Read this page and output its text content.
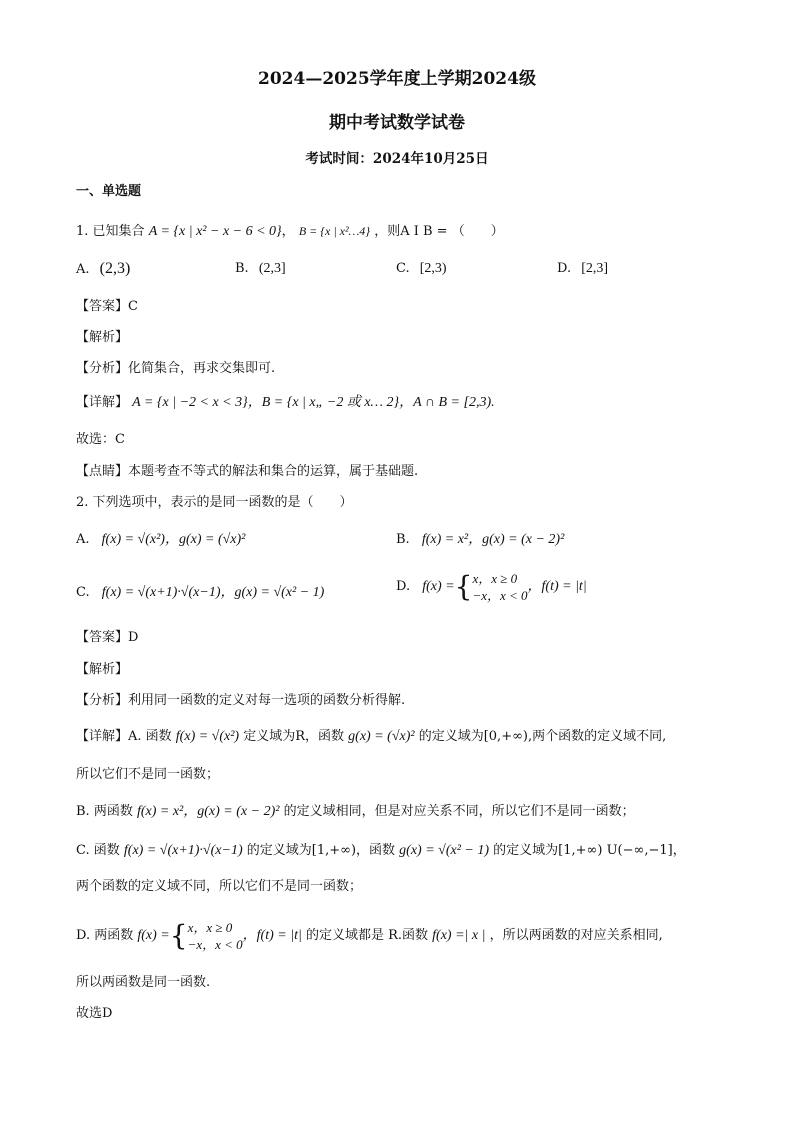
2024—2025学年度上学期2024级
期中考试数学试卷
考试时间：2024年10月25日
一、单选题
1. 已知集合 A = {x | x² − x − 6 < 0}， B = {x | x²…4} ，则A I B = （　　）
A. (2,3)	B. (2,3]	C. [2,3)	D. [2,3]
【答案】C
【解析】
【分析】化简集合，再求交集即可.
【详解】 A = {x | −2 < x < 3}，B = {x | x„ −2 或 x… 2}，A ∩ B = [2,3).
故选：C
【点睛】本题考查不等式的解法和集合的运算，属于基础题.
2. 下列选项中，表示的是同一函数的是（　　）
A. f(x) = √(x²)，g(x) = (√x)²	B. f(x) = x²，g(x) = (x − 2)²
C. f(x) = √(x+1)·√(x−1)，g(x) = √(x² − 1)	D. f(x) ={x，x ≥ 0
−x，x < 0，f(t) = |t|
【答案】D
【解析】
【分析】利用同一函数的定义对每一选项的函数分析得解.
【详解】A. 函数 f(x) = √(x²) 定义域为R，函数 g(x) = (√x)² 的定义域为[0,+∞),两个函数的定义域不同,
所以它们不是同一函数；
B. 两函数 f(x) = x²，g(x) = (x − 2)² 的定义域相同，但是对应关系不同，所以它们不是同一函数；
C. 函数 f(x) = √(x+1)·√(x−1) 的定义域为[1,+∞)，函数 g(x) = √(x² − 1) 的定义域为[1,+∞) U(−∞,−1]，
两个函数的定义域不同，所以它们不是同一函数；
D. 两函数 f(x) ={x，x ≥ 0
−x，x < 0，f(t) = |t| 的定义域都是 R.函数 f(x) =| x | ，所以两函数的对应关系相同,
所以两函数是同一函数.
故选D
